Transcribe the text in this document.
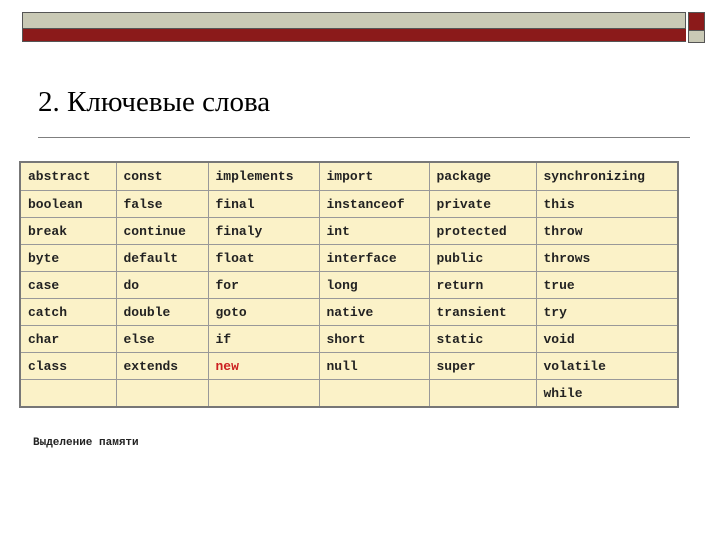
2. Ключевые слова
abstract	const	implements	import	package	synchronizing
boolean	false	final	instanceof	private	this
break	continue	finaly	int	protected	throw
byte	default	float	interface	public	throws
case	do	for	long	return	true
catch	double	goto	native	transient	try
char	else	if	short	static	void
class	extends	new	null	super	volatile
					while
Выделение памяти
